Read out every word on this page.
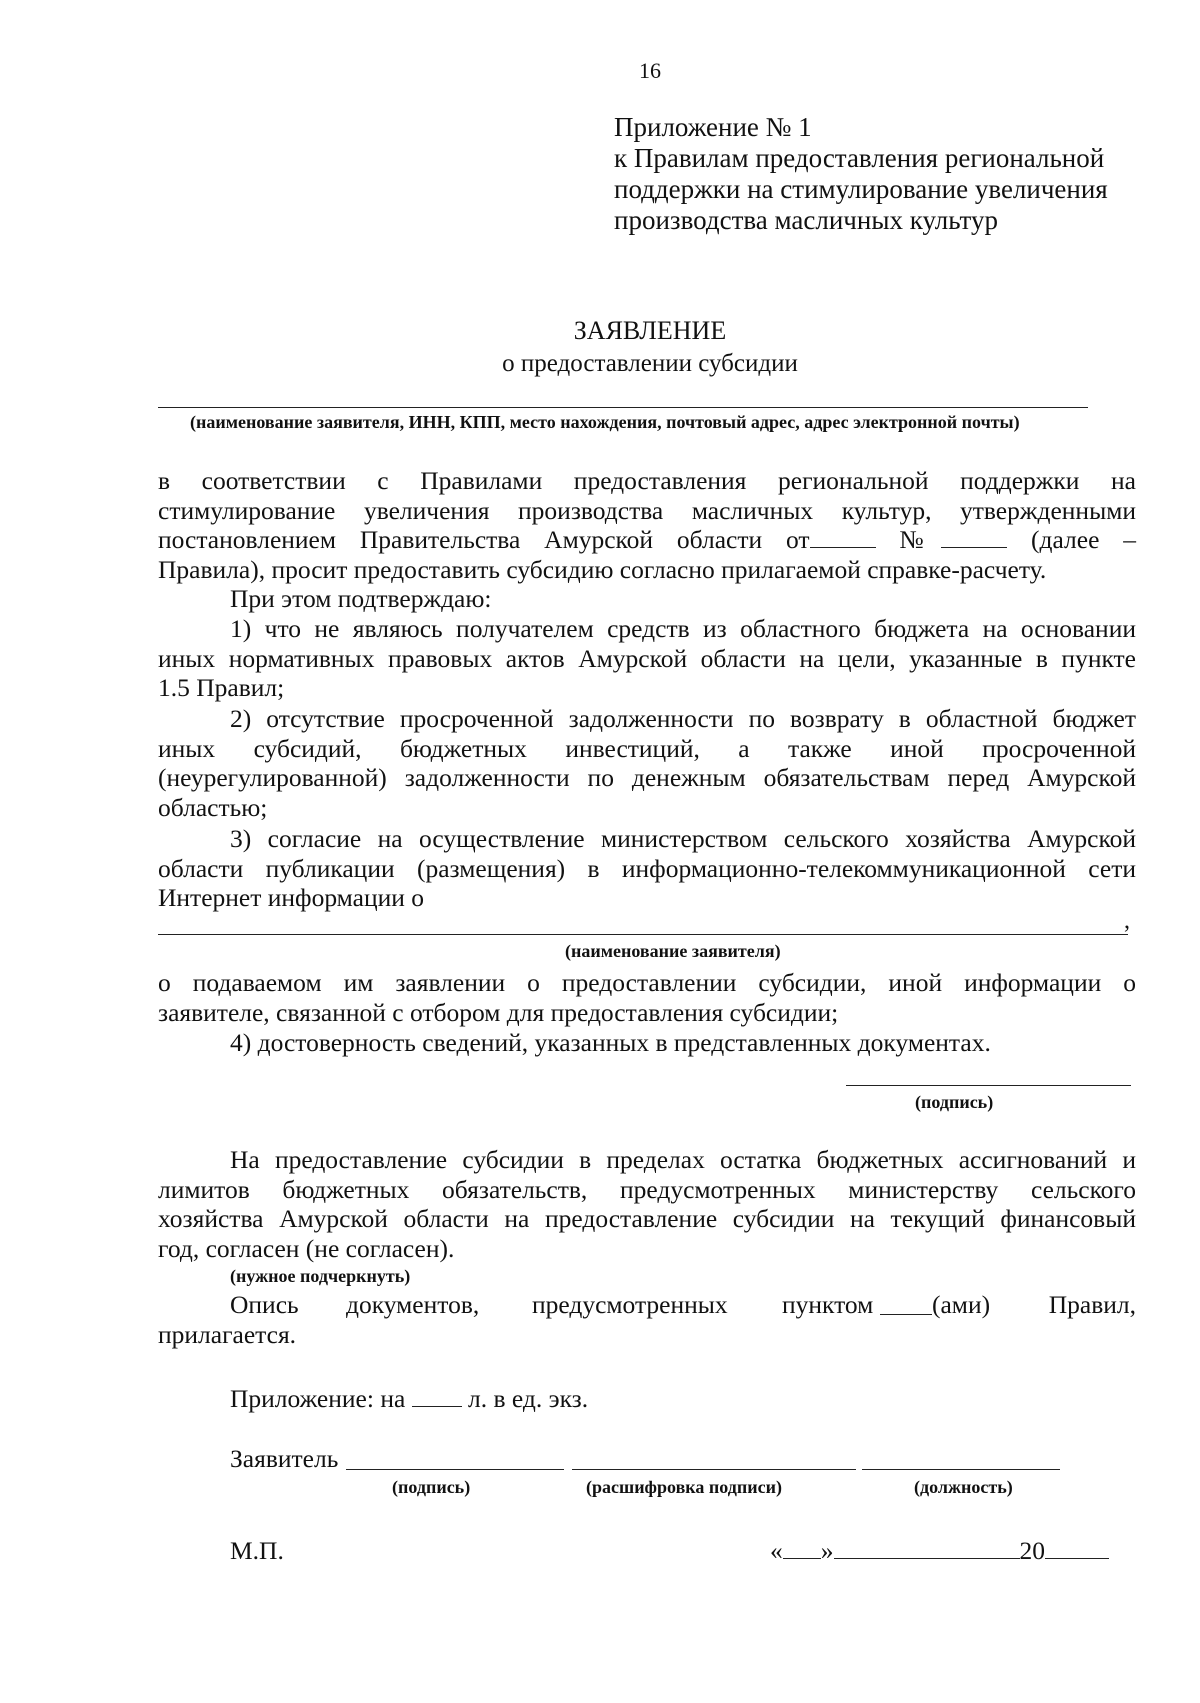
16
Приложение № 1
к Правилам предоставления региональной
поддержки на стимулирование увеличения
производства масличных культур
ЗАЯВЛЕНИЕ
о предоставлении субсидии
(наименование заявителя, ИНН, КПП, место нахождения, почтовый адрес, адрес электронной почты)
в соответствии с Правилами предоставления региональной поддержки на
стимулирование увеличения производства масличных культур, утвержденными
постановлением Правительства Амурской области от	№	(далее –
Правила), просит предоставить субсидию согласно прилагаемой справке-расчету.
При этом подтверждаю:
1) что не являюсь получателем средств из областного бюджета на основании
иных нормативных правовых актов Амурской области на цели, указанные в пункте
1.5 Правил;
2) отсутствие просроченной задолженности по возврату в областной бюджет
иных субсидий, бюджетных инвестиций, а также иной просроченной
(неурегулированной) задолженности по денежным обязательствам перед Амурской
областью;
3) согласие на осуществление министерством сельского хозяйства Амурской
области публикации (размещения) в информационно-телекоммуникационной сети
Интернет информации о
,
(наименование заявителя)
о подаваемом им заявлении о предоставлении субсидии, иной информации о
заявителе, связанной с отбором для предоставления субсидии;
4) достоверность сведений, указанных в представленных документах.
(подпись)
На предоставление субсидии в пределах остатка бюджетных ассигнований и
лимитов бюджетных обязательств, предусмотренных министерству сельского
хозяйства Амурской области на предоставление субсидии на текущий финансовый
год, согласен (не согласен).
(нужное подчеркнуть)
Опись документов, предусмотренных пунктом (ами) Правил,
прилагается.
Приложение: на л. в ед. экз.
Заявитель
(подпись)	(расшифровка подписи)	(должность)
М.П.	« »	20
